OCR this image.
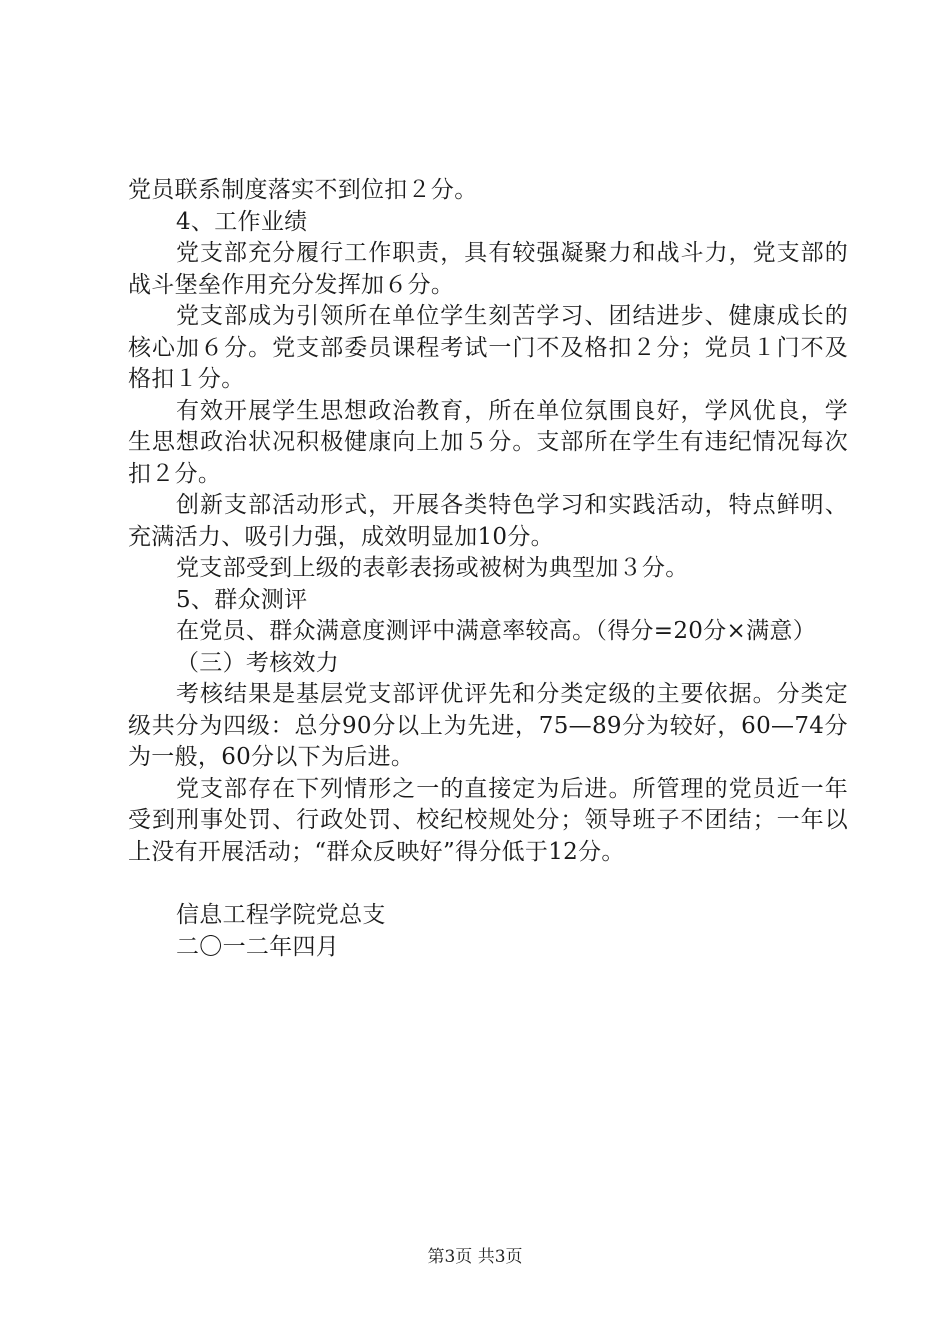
党员联系制度落实不到位扣２分。

4、工作业绩

党支部充分履行工作职责，具有较强凝聚力和战斗力，党支部的战斗堡垒作用充分发挥加６分。

党支部成为引领所在单位学生刻苦学习、团结进步、健康成长的核心加６分。党支部委员课程考试一门不及格扣２分；党员１门不及格扣１分。

有效开展学生思想政治教育，所在单位氛围良好，学风优良，学生思想政治状况积极健康向上加５分。支部所在学生有违纪情况每次扣２分。

创新支部活动形式，开展各类特色学习和实践活动，特点鲜明、充满活力、吸引力强，成效明显加10分。

党支部受到上级的表彰表扬或被树为典型加３分。

5、群众测评

在党员、群众满意度测评中满意率较高。（得分=20分×满意）

（三）考核效力

考核结果是基层党支部评优评先和分类定级的主要依据。分类定级共分为四级：总分90分以上为先进，75—89分为较好，60—74分为一般，60分以下为后进。

党支部存在下列情形之一的直接定为后进。所管理的党员近一年受到刑事处罚、行政处罚、校纪校规处分；领导班子不团结；一年以上没有开展活动；“群众反映好”得分低于12分。

信息工程学院党总支

二〇一二年四月

第3页 共3页
